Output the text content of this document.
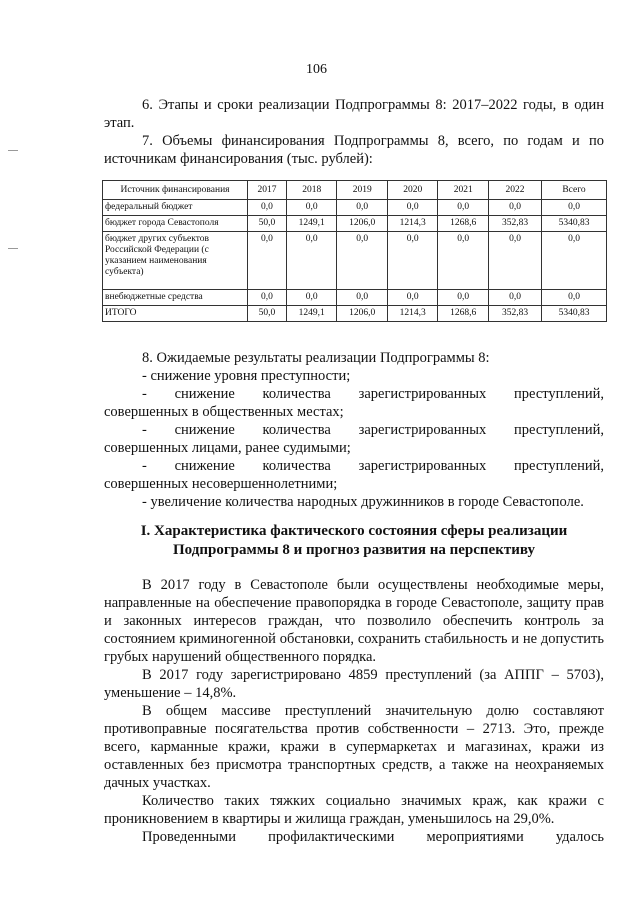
106
6. Этапы и сроки реализации Подпрограммы 8: 2017–2022 годы, в один этап.
7. Объемы финансирования Подпрограммы 8, всего, по годам и по источникам финансирования (тыс. рублей):
Источник финансирования	2017	2018	2019	2020	2021	2022	Всего
федеральный бюджет	0,0	0,0	0,0	0,0	0,0	0,0	0,0
бюджет города Севастополя	50,0	1249,1	1206,0	1214,3	1268,6	352,83	5340,83
бюджет других субъектов Российской Федерации (с указанием наименования субъекта)	0,0	0,0	0,0	0,0	0,0	0,0	0,0
внебюджетные средства	0,0	0,0	0,0	0,0	0,0	0,0	0,0
ИТОГО	50,0	1249,1	1206,0	1214,3	1268,6	352,83	5340,83
8. Ожидаемые результаты реализации Подпрограммы 8:
- снижение уровня преступности;
- снижение количества зарегистрированных преступлений,
совершенных в общественных местах;
- снижение количества зарегистрированных преступлений,
совершенных лицами, ранее судимыми;
- снижение количества зарегистрированных преступлений,
совершенных несовершеннолетними;
- увеличение количества народных дружинников в городе Севастополе.
I. Характеристика фактического состояния сферы реализации
Подпрограммы 8 и прогноз развития на перспективу
В 2017 году в Севастополе были осуществлены необходимые меры, направленные на обеспечение правопорядка в городе Севастополе, защиту прав и законных интересов граждан, что позволило обеспечить контроль за состоянием криминогенной обстановки, сохранить стабильность и не допустить грубых нарушений общественного порядка.
В 2017 году зарегистрировано 4859 преступлений (за АППГ – 5703), уменьшение – 14,8%.
В общем массиве преступлений значительную долю составляют противоправные посягательства против собственности – 2713. Это, прежде всего, карманные кражи, кражи в супермаркетах и магазинах, кражи из оставленных без присмотра транспортных средств, а также на неохраняемых дачных участках.
Количество таких тяжких социально значимых краж, как кражи с проникновением в квартиры и жилища граждан, уменьшилось на 29,0%.
Проведенными профилактическими мероприятиями удалось
